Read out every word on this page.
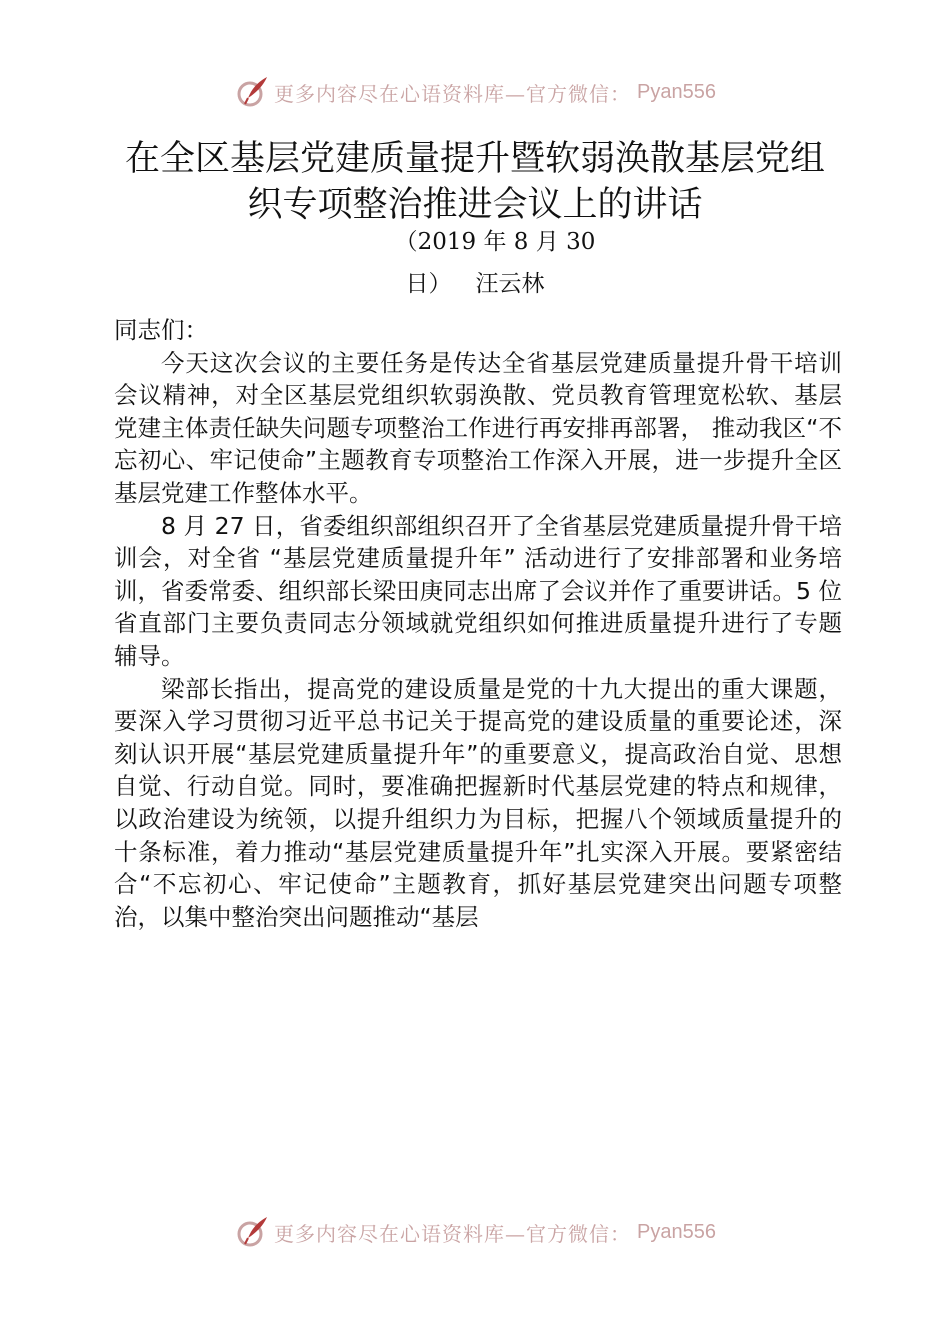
更多内容尽在心语资料库—官方微信： Pyan556
在全区基层党建质量提升暨软弱涣散基层党组
织专项整治推进会议上的讲话
（2019 年 8 月 30
日） 汪云林

同志们：

今天这次会议的主要任务是传达全省基层党建质量提升骨干培训会议精神，对全区基层党组织软弱涣散、党员教育管理宽松软、基层党建主体责任缺失问题专项整治工作进行再安排再部署， 推动我区“不忘初心、牢记使命”主题教育专项整治工作深入开展，进一步提升全区基层党建工作整体水平。

8 月 27 日，省委组织部组织召开了全省基层党建质量提升骨干培训会，对全省 “基层党建质量提升年” 活动进行了安排部署和业务培训，省委常委、组织部长梁田庚同志出席了会议并作了重要讲话。5 位省直部门主要负责同志分领域就党组织如何推进质量提升进行了专题辅导。

梁部长指出，提高党的建设质量是党的十九大提出的重大课题，要深入学习贯彻习近平总书记关于提高党的建设质量的重要论述，深刻认识开展“基层党建质量提升年”的重要意义，提高政治自觉、思想自觉、行动自觉。同时，要准确把握新时代基层党建的特点和规律，以政治建设为统领，以提升组织力为目标，把握八个领域质量提升的十条标准，着力推动“基层党建质量提升年”扎实深入开展。要紧密结合“不忘初心、牢记使命”主题教育，抓好基层党建突出问题专项整治，以集中整治突出问题推动“基层

更多内容尽在心语资料库—官方微信： Pyan556
